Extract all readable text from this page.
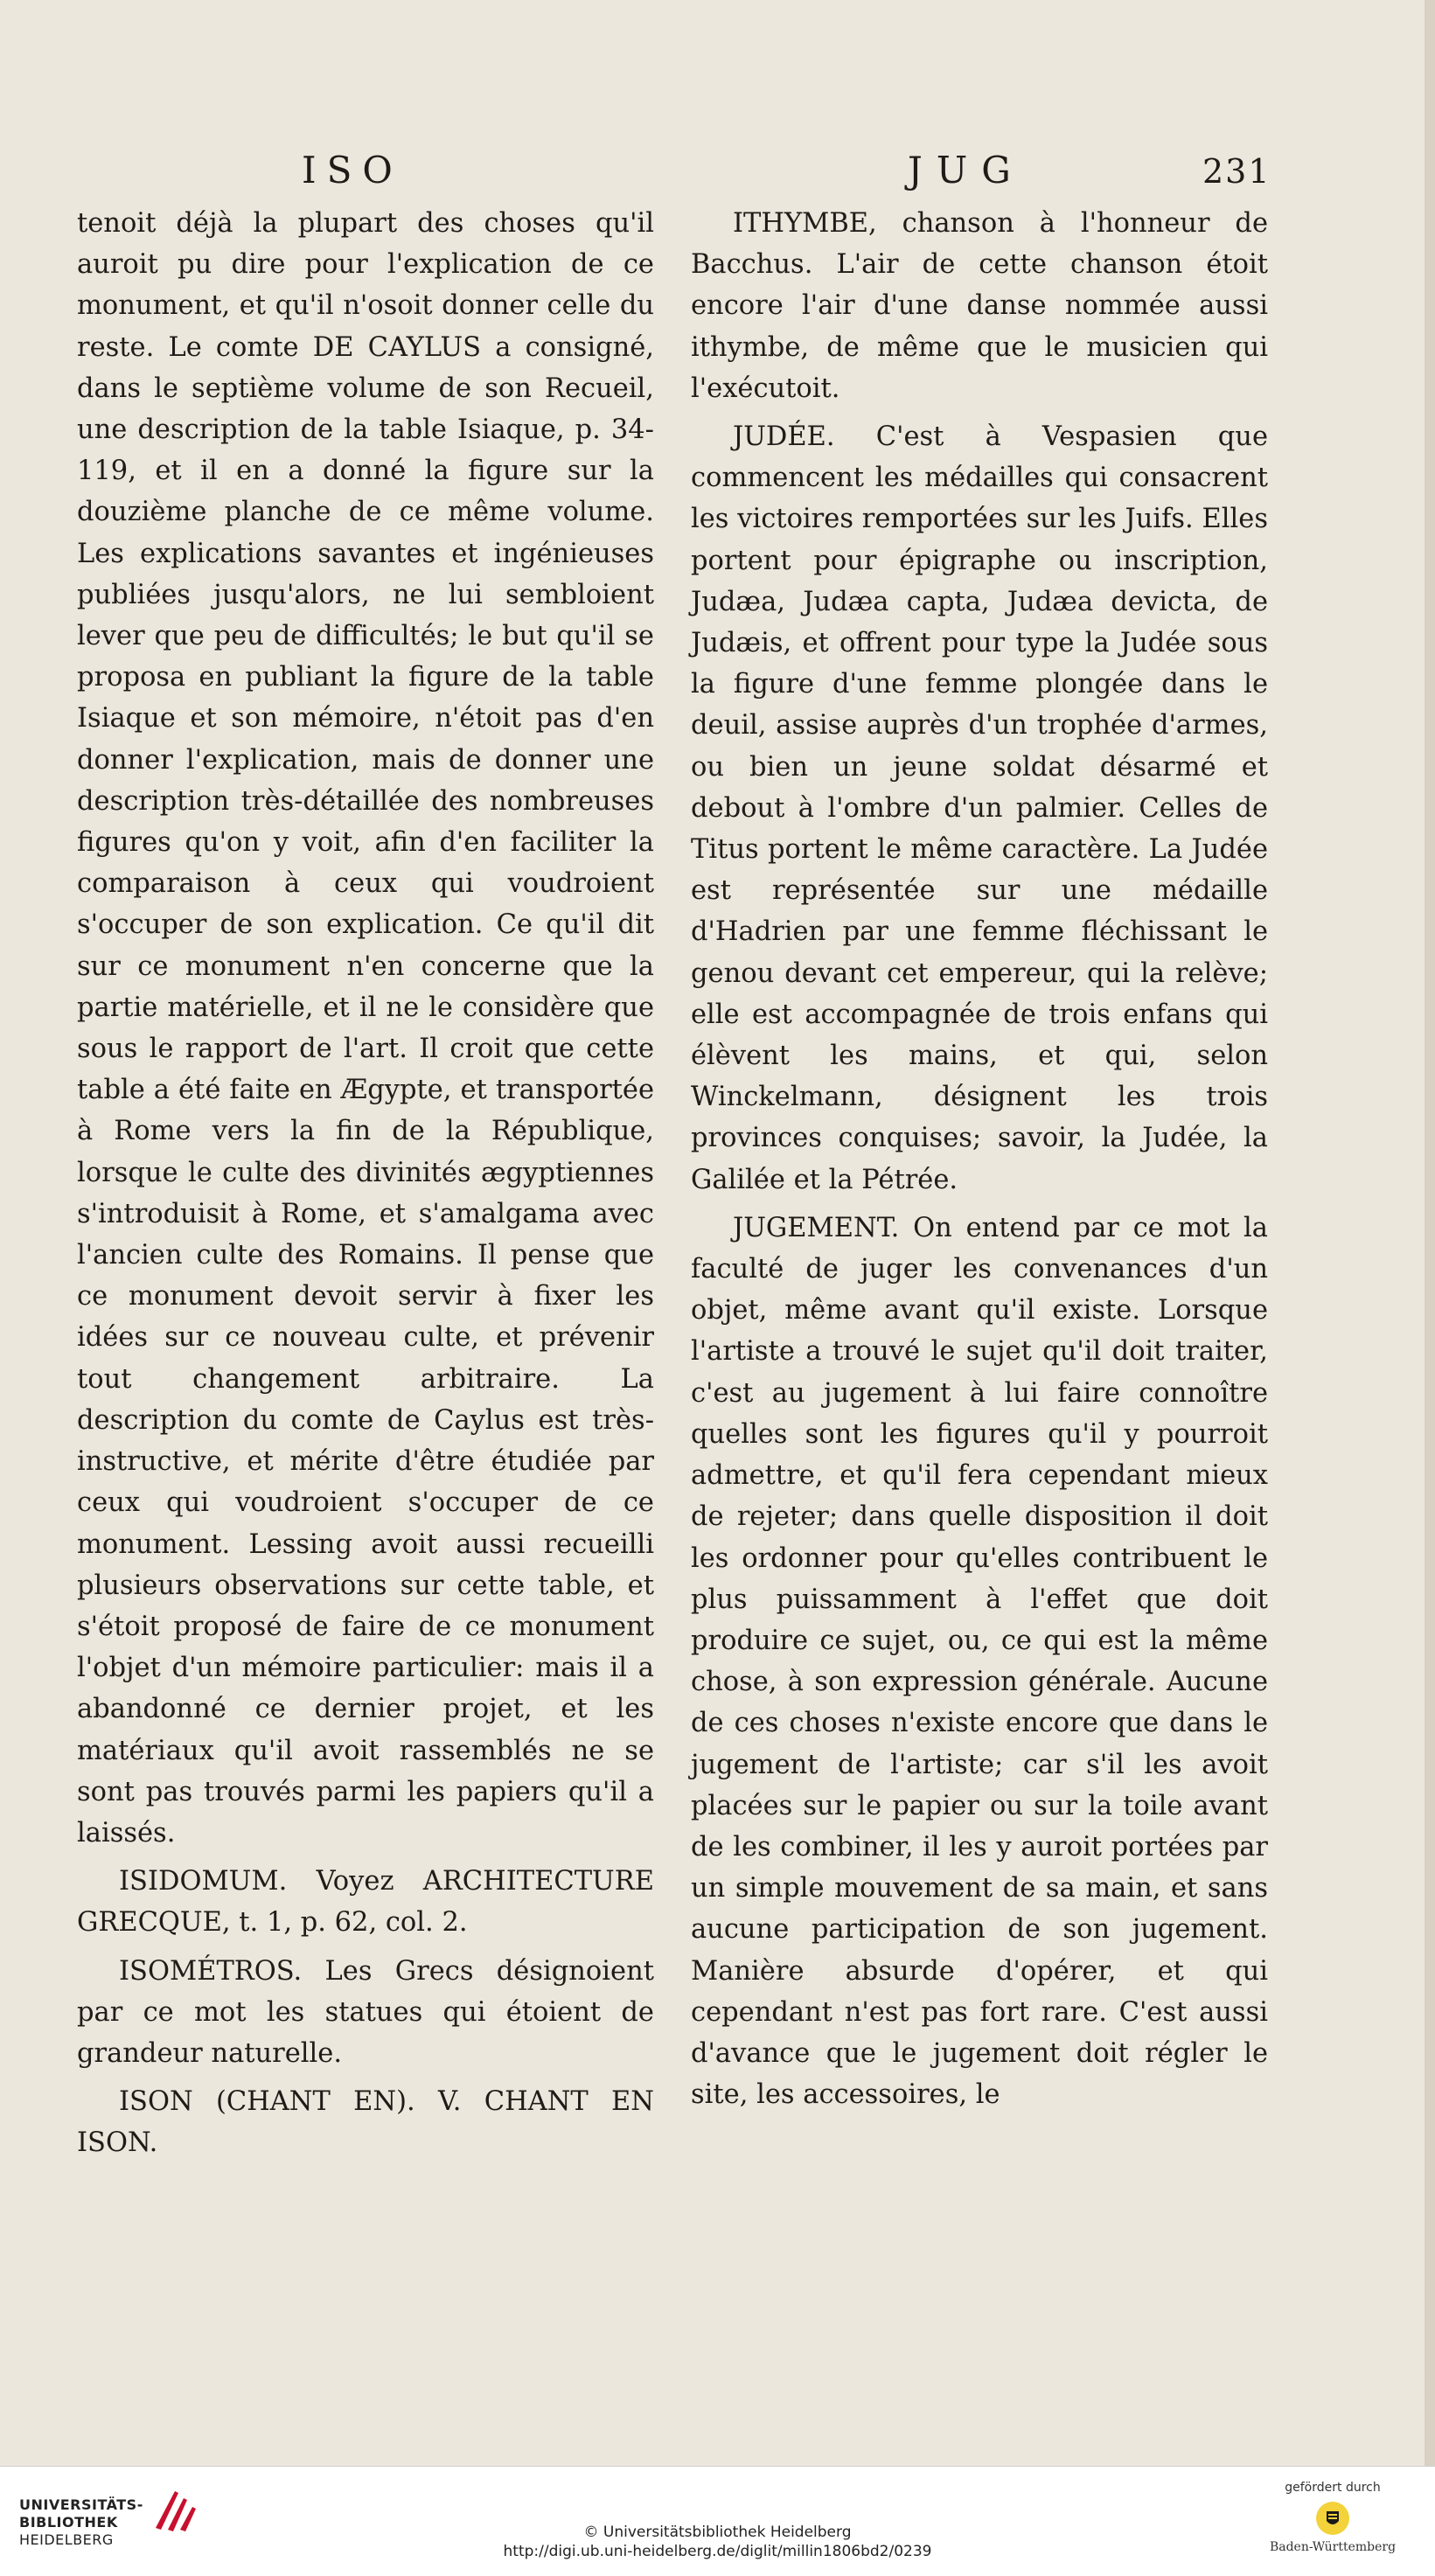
ISO	JUG	231

tenoit déjà la plupart des choses qu'il auroit pu dire pour l'explication de ce monument, et qu'il n'osoit donner celle du reste. Le comte DE CAYLUS a consigné, dans le septième volume de son Recueil, une description de la table Isiaque, p. 34-119, et il en a donné la figure sur la douzième planche de ce même volume. Les explications savantes et ingénieuses publiées jusqu'alors, ne lui sembloient lever que peu de difficultés; le but qu'il se proposa en publiant la figure de la table Isiaque et son mémoire, n'étoit pas d'en donner l'explication, mais de donner une description très-détaillée des nombreuses figures qu'on y voit, afin d'en faciliter la comparaison à ceux qui voudroient s'occuper de son explication. Ce qu'il dit sur ce monument n'en concerne que la partie matérielle, et il ne le considère que sous le rapport de l'art. Il croit que cette table a été faite en Ægypte, et transportée à Rome vers la fin de la République, lorsque le culte des divinités ægyptiennes s'introduisit à Rome, et s'amalgama avec l'ancien culte des Romains. Il pense que ce monument devoit servir à fixer les idées sur ce nouveau culte, et prévenir tout changement arbitraire. La description du comte de Caylus est très-instructive, et mérite d'être étudiée par ceux qui voudroient s'occuper de ce monument. Lessing avoit aussi recueilli plusieurs observations sur cette table, et s'étoit proposé de faire de ce monument l'objet d'un mémoire particulier: mais il a abandonné ce dernier projet, et les matériaux qu'il avoit rassemblés ne se sont pas trouvés parmi les papiers qu'il a laissés.

ISIDOMUM. Voyez ARCHITECTURE GRECQUE, t. 1, p. 62, col. 2.

ISOMÉTROS. Les Grecs désignoient par ce mot les statues qui étoient de grandeur naturelle.

ISON (CHANT EN). V. CHANT EN ISON.

ITHYMBE, chanson à l'honneur de Bacchus. L'air de cette chanson étoit encore l'air d'une danse nommée aussi ithymbe, de même que le musicien qui l'exécutoit.

JUDÉE. C'est à Vespasien que commencent les médailles qui consacrent les victoires remportées sur les Juifs. Elles portent pour épigraphe ou inscription, Judæa, Judæa capta, Judæa devicta, de Judæis, et offrent pour type la Judée sous la figure d'une femme plongée dans le deuil, assise auprès d'un trophée d'armes, ou bien un jeune soldat désarmé et debout à l'ombre d'un palmier. Celles de Titus portent le même caractère. La Judée est représentée sur une médaille d'Hadrien par une femme fléchissant le genou devant cet empereur, qui la relève; elle est accompagnée de trois enfans qui élèvent les mains, et qui, selon Winckelmann, désignent les trois provinces conquises; savoir, la Judée, la Galilée et la Pétrée.

JUGEMENT. On entend par ce mot la faculté de juger les convenances d'un objet, même avant qu'il existe. Lorsque l'artiste a trouvé le sujet qu'il doit traiter, c'est au jugement à lui faire connoître quelles sont les figures qu'il y pourroit admettre, et qu'il fera cependant mieux de rejeter; dans quelle disposition il doit les ordonner pour qu'elles contribuent le plus puissamment à l'effet que doit produire ce sujet, ou, ce qui est la même chose, à son expression générale. Aucune de ces choses n'existe encore que dans le jugement de l'artiste; car s'il les avoit placées sur le papier ou sur la toile avant de les combiner, il les y auroit portées par un simple mouvement de sa main, et sans aucune participation de son jugement. Manière absurde d'opérer, et qui cependant n'est pas fort rare. C'est aussi d'avance que le jugement doit régler le site, les accessoires, le

UNIVERSITÄTS-
BIBLIOTHEK
HEIDELBERG	© Universitätsbibliothek Heidelberg
http://digi.ub.uni-heidelberg.de/diglit/millin1806bd2/0239
gefördert durch
Baden-Württemberg
